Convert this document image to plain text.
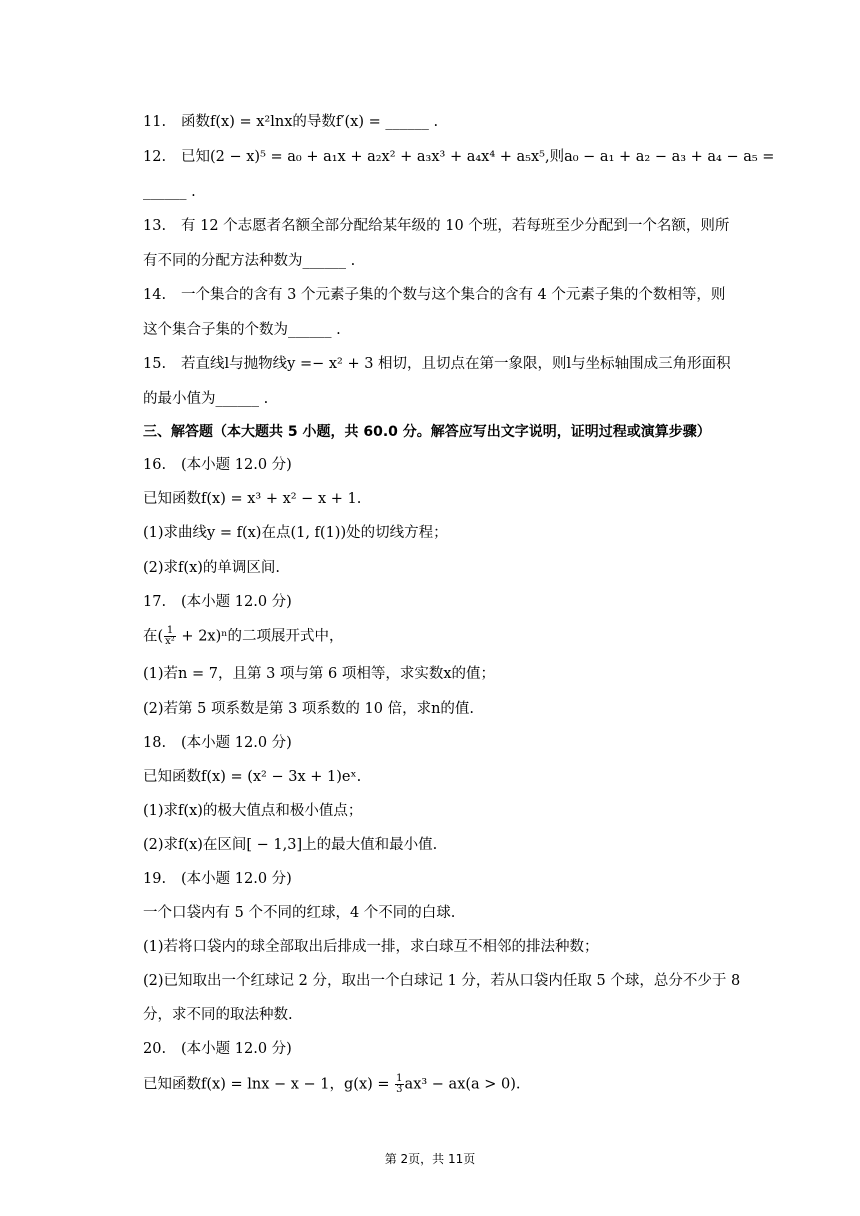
11. 函数f(x) = x²lnx的导数f′(x) = ______ .
12. 已知(2 − x)⁵ = a₀ + a₁x + a₂x² + a₃x³ + a₄x⁴ + a₅x⁵,则a₀ − a₁ + a₂ − a₃ + a₄ − a₅ =
______ .
13. 有 12 个志愿者名额全部分配给某年级的 10 个班，若每班至少分配到一个名额，则所
有不同的分配方法种数为______ .
14. 一个集合的含有 3 个元素子集的个数与这个集合的含有 4 个元素子集的个数相等，则
这个集合子集的个数为______ .
15. 若直线l与抛物线y =− x² + 3 相切，且切点在第一象限，则l与坐标轴围成三角形面积
的最小值为______ .
三、解答题（本大题共 5 小题，共 60.0 分。解答应写出文字说明，证明过程或演算步骤）
16. (本小题 12.0 分)
已知函数f(x) = x³ + x² − x + 1.
(1)求曲线y = f(x)在点(1, f(1))处的切线方程；
(2)求f(x)的单调区间.
17. (本小题 12.0 分)
在( $\frac{1}{\text{x²}} + 2x)^n$的二项展开式中，
(1)若n = 7，且第 3 项与第 6 项相等，求实数x的值；
(2)若第 5 项系数是第 3 项系数的 10 倍，求n的值.
18. (本小题 12.0 分)
已知函数f(x) = (x² − 3x + 1)eˣ.
(1)求f(x)的极大值点和极小值点；
(2)求f(x)在区间[ − 1,3]上的最大值和最小值.
19. (本小题 12.0 分)
一个口袋内有 5 个不同的红球，4 个不同的白球.
(1)若将口袋内的球全部取出后排成一排，求白球互不相邻的排法种数；
(2)已知取出一个红球记 2 分，取出一个白球记 1 分，若从口袋内任取 5 个球，总分不少于 8
分，求不同的取法种数.
20. (本小题 12.0 分)
已知函数f(x) = lnx − x − 1，$g(x) = \frac{1}{3} ax^3 - ax(a > 0)$.
第 2页，共 11页
